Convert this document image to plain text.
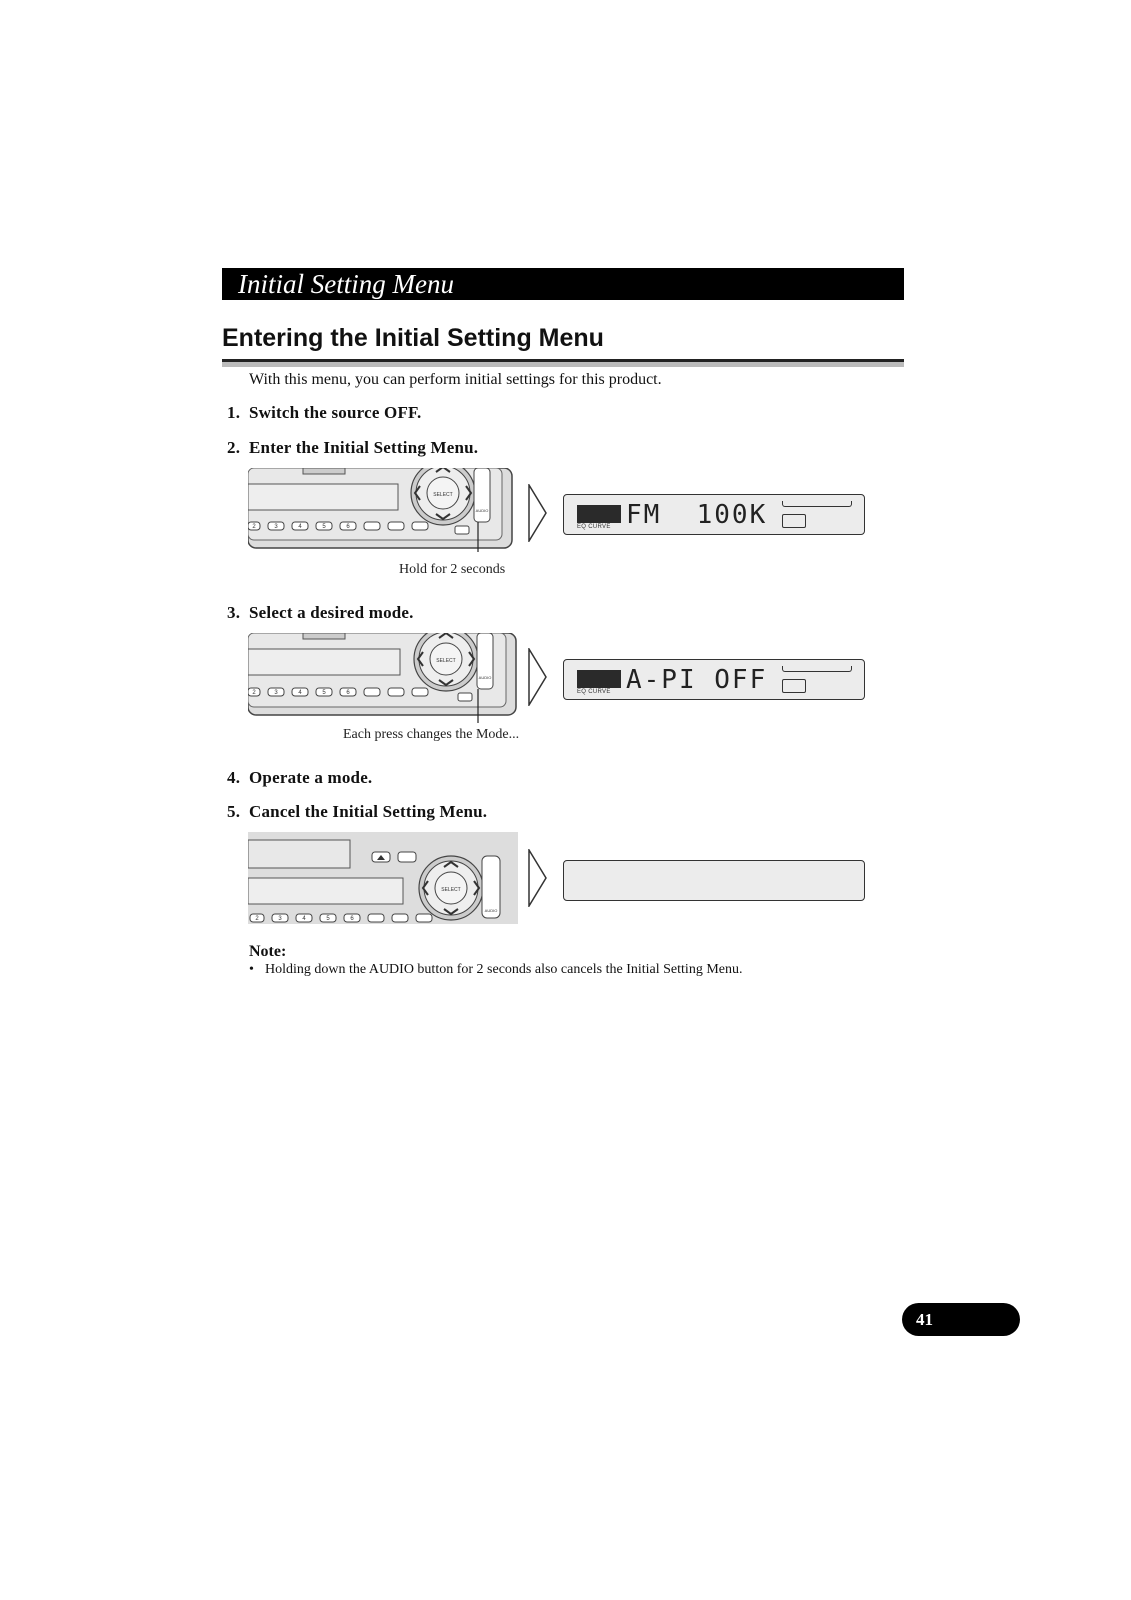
Initial Setting Menu
Entering the Initial Setting Menu
With this menu, you can perform initial settings for this product.
1. Switch the source OFF.
2. Enter the Initial Setting Menu.
SELECT
AUDIO
2	3	4	5	6
Hold for 2 seconds
EQ CURVE FM  100K
3. Select a desired mode.
SELECT
AUDIO
2	3	4	5	6
Each press changes the Mode...
EQ CURVE A-PI OFF
4. Operate a mode.
5. Cancel the Initial Setting Menu.
SELECT
AUDIO
2	3	4	5	6
Note:
• Holding down the AUDIO button for 2 seconds also cancels the Initial Setting Menu.
41
